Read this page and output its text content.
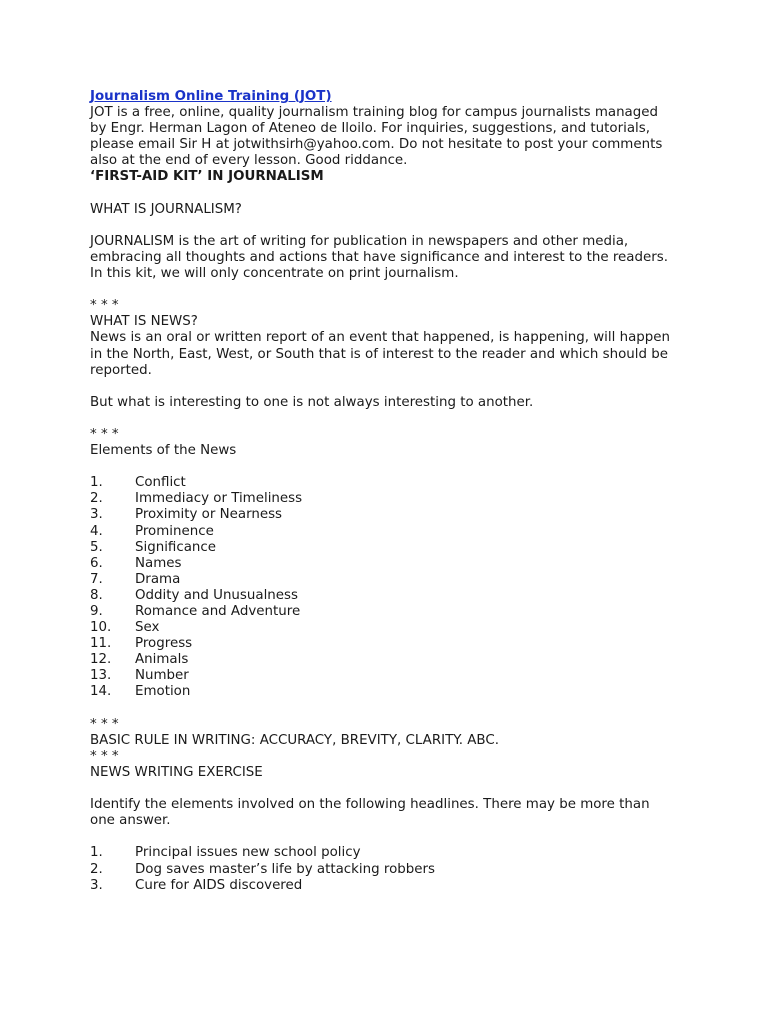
Journalism Online Training (JOT)
JOT is a free, online, quality journalism training blog for campus journalists managed
by Engr. Herman Lagon of Ateneo de Iloilo. For inquiries, suggestions, and tutorials,
please email Sir H at jotwithsirh@yahoo.com. Do not hesitate to post your comments
also at the end of every lesson. Good riddance.
‘FIRST-AID KIT’ IN JOURNALISM
WHAT IS JOURNALISM?
JOURNALISM is the art of writing for publication in newspapers and other media,
embracing all thoughts and actions that have significance and interest to the readers.
In this kit, we will only concentrate on print journalism.
* * *
WHAT IS NEWS?
News is an oral or written report of an event that happened, is happening, will happen
in the North, East, West, or South that is of interest to the reader and which should be
reported.
But what is interesting to one is not always interesting to another.
* * *
Elements of the News
1.	Conflict
2.	Immediacy or Timeliness
3.	Proximity or Nearness
4.	Prominence
5.	Significance
6.	Names
7.	Drama
8.	Oddity and Unusualness
9.	Romance and Adventure
10.	Sex
11.	Progress
12.	Animals
13.	Number
14.	Emotion
* * *
BASIC RULE IN WRITING: ACCURACY, BREVITY, CLARITY. ABC.
* * *
NEWS WRITING EXERCISE
Identify the elements involved on the following headlines. There may be more than
one answer.
1.	Principal issues new school policy
2.	Dog saves master’s life by attacking robbers
3.	Cure for AIDS discovered
